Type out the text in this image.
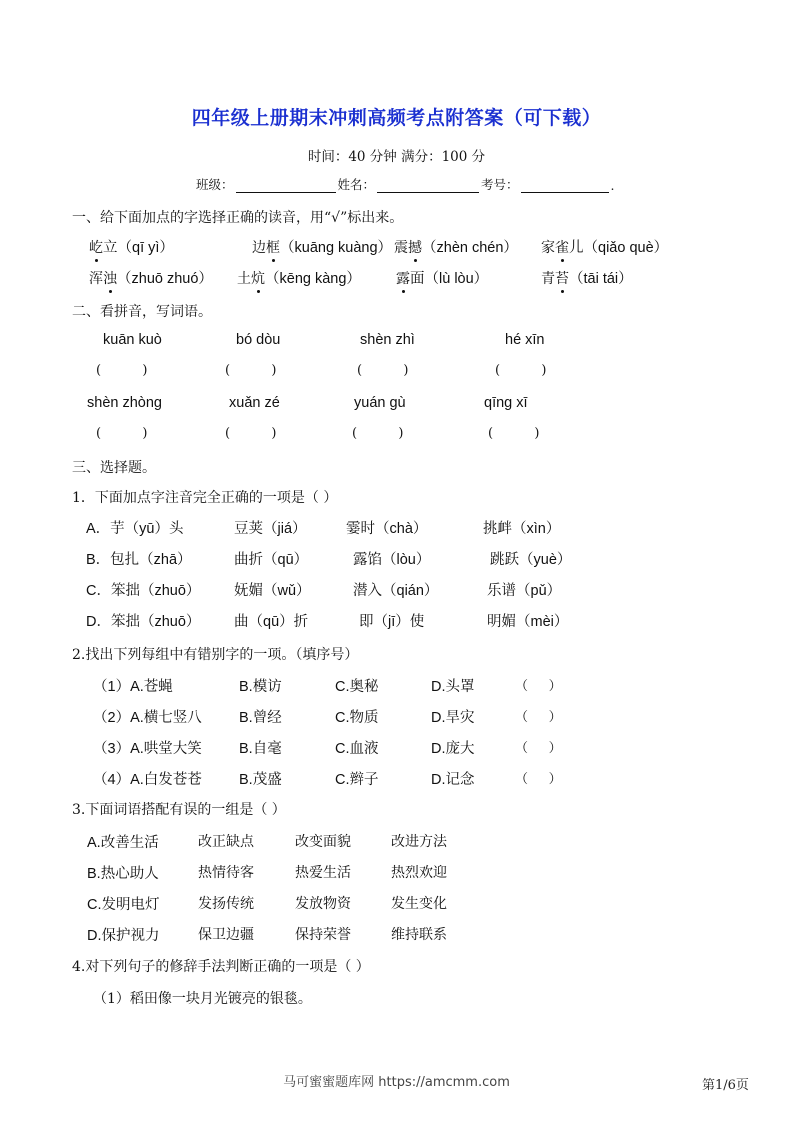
四年级上册期末冲刺高频考点附答案（可下载）
时间：40 分钟 满分：100 分
班级：	姓名：	考号：	.
一、给下面加点的字选择正确的读音，用“√”标出来。
屹立（qī yì）	边框（kuāng kuàng） 震撼（zhèn chén） 家雀儿（qiǎo què）
浑浊（zhuō zhuó） 土炕（kēng kàng）	露面（lù lòu）	青苔（tāi tái）
二、看拼音，写词语。
kuān kuò	bó dòu	shèn zhì	hé xīn
(          )	(          )	(          )	(          )
shèn zhòng	xuǎn zé	yuán gù	qīng xī
(          )	(          )	(          )	(          )
三、选择题。
1．下面加点字注音完全正确的一项是（ ）
A．芋（yū）头	豆荚（jiá）	霎时（chà）	挑衅（xìn）
B．包扎（zhā）	曲折（qū）	露馅（lòu）	跳跃（yuè）
C．笨拙（zhuō） 妩媚（wǔ）	潜入（qián）	乐谱（pǔ）
D．笨拙（zhuō） 曲（qū）折	即（jī）使	明媚（mèi）
2.找出下列每组中有错别字的一项。（填序号）
（1）A.苍蝇	B.模访	C.奥秘	D.头罩	（     ）
（2）A.横七竖八	B.曾经	C.物质	D.旱灾	（     ）
（3）A.哄堂大笑	B.自毫	C.血液	D.庞大	（     ）
（4）A.白发苍苍	B.茂盛	C.辫子	D.记念	（     ）
3.下面词语搭配有误的一组是（ ）
A.改善生活	改正缺点	改变面貌	改进方法
B.热心助人	热情待客	热爱生活	热烈欢迎
C.发明电灯	发扬传统	发放物资	发生变化
D.保护视力	保卫边疆	保持荣誉	维持联系
4.对下列句子的修辞手法判断正确的一项是（ ）
（1）稻田像一块月光镀亮的银毯。
马可蜜蜜题库网 https://amcmm.com	第1/6页
